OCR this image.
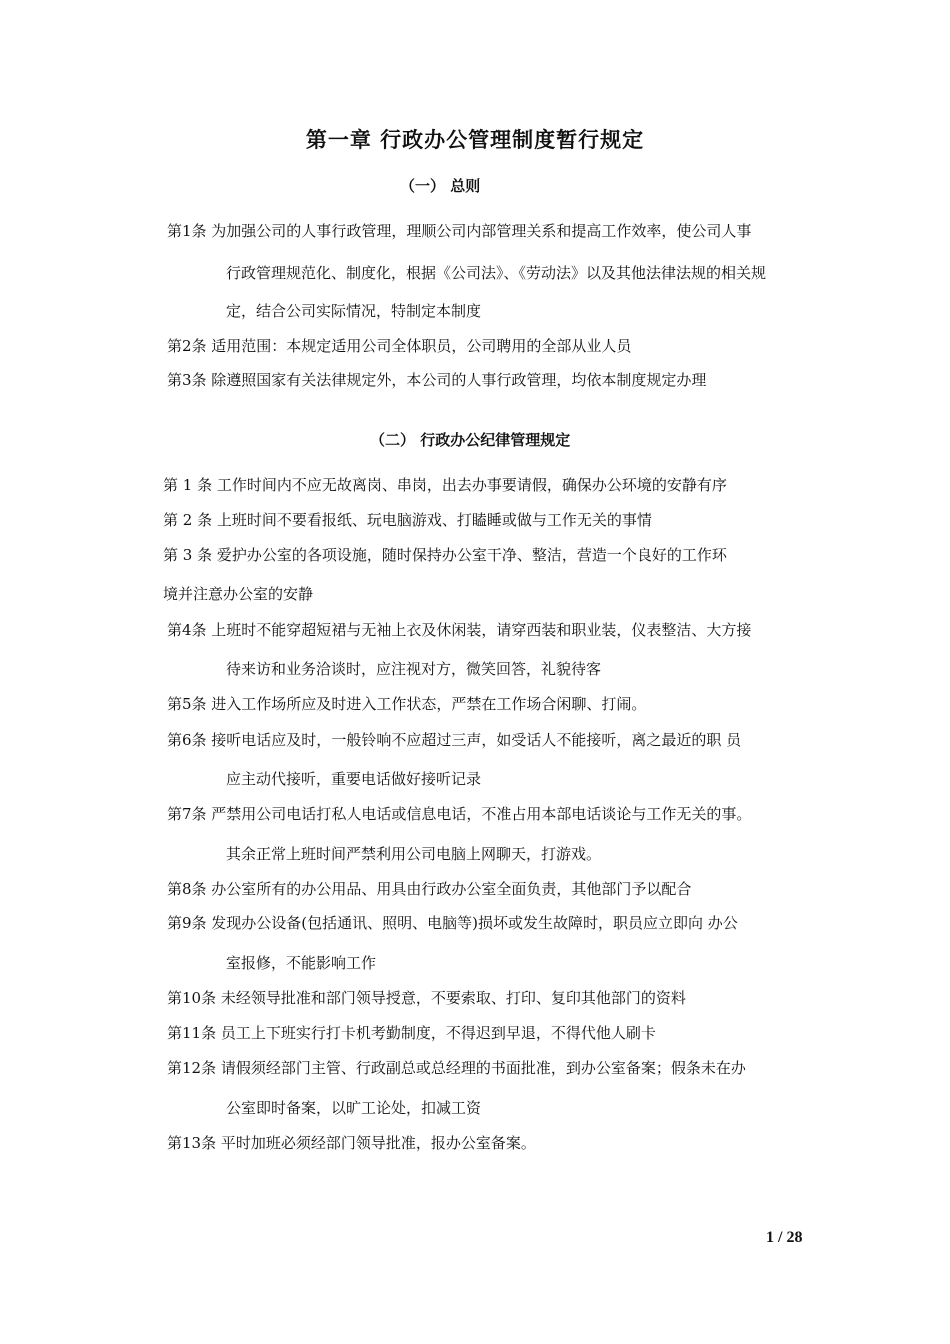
第一章 行政办公管理制度暂行规定
（一） 总则
第1条 为加强公司的人事行政管理，理顺公司内部管理关系和提高工作效率，使公司人事
行政管理规范化、制度化，根据《公司法》、《劳动法》以及其他法律法规的相关规
定，结合公司实际情况，特制定本制度
第2条 适用范围：本规定适用公司全体职员，公司聘用的全部从业人员
第3条 除遵照国家有关法律规定外，本公司的人事行政管理，均依本制度规定办理
（二） 行政办公纪律管理规定
第 1 条 工作时间内不应无故离岗、串岗，出去办事要请假，确保办公环境的安静有序
第 2 条 上班时间不要看报纸、玩电脑游戏、打瞌睡或做与工作无关的事情
第 3 条 爱护办公室的各项设施，随时保持办公室干净、整洁，营造一个良好的工作环
境并注意办公室的安静
第4条 上班时不能穿超短裙与无袖上衣及休闲装，请穿西装和职业装，仪表整洁、大方接
待来访和业务洽谈时，应注视对方，微笑回答，礼貌待客
第5条 进入工作场所应及时进入工作状态，严禁在工作场合闲聊、打闹。
第6条 接听电话应及时，一般铃响不应超过三声，如受话人不能接听，离之最近的职 员
应主动代接听，重要电话做好接听记录
第7条 严禁用公司电话打私人电话或信息电话，不准占用本部电话谈论与工作无关的事。
其余正常上班时间严禁利用公司电脑上网聊天，打游戏。
第8条 办公室所有的办公用品、用具由行政办公室全面负责，其他部门予以配合
第9条 发现办公设备(包括通讯、照明、电脑等)损坏或发生故障时，职员应立即向 办公
室报修，不能影响工作
第10条 未经领导批准和部门领导授意，不要索取、打印、复印其他部门的资料
第11条 员工上下班实行打卡机考勤制度，不得迟到早退，不得代他人刷卡
第12条 请假须经部门主管、行政副总或总经理的书面批准，到办公室备案；假条未在办
公室即时备案，以旷工论处，扣减工资
第13条 平时加班必须经部门领导批准，报办公室备案。
1 / 28
